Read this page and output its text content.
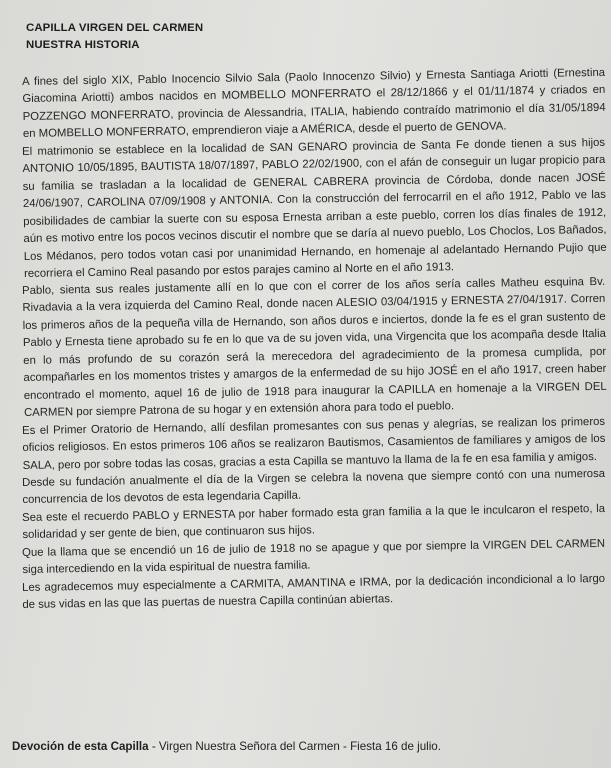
CAPILLA VIRGEN DEL CARMEN
NUESTRA HISTORIA

A fines del siglo XIX, Pablo Inocencio Silvio Sala (Paolo Innocenzo Silvio) y Ernesta Santiaga Ariotti (Ernestina Giacomina Ariotti) ambos nacidos en MOMBELLO MONFERRATO el 28/12/1866 y el 01/11/1874 y criados en POZZENGO MONFERRATO, provincia de Alessandria, ITALIA, habiendo contraído matrimonio el día 31/05/1894 en MOMBELLO MONFERRATO, emprendieron viaje a AMÉRICA, desde el puerto de GENOVA.

El matrimonio se establece en la localidad de SAN GENARO provincia de Santa Fe donde tienen a sus hijos ANTONIO 10/05/1895, BAUTISTA 18/07/1897, PABLO 22/02/1900, con el afán de conseguir un lugar propicio para su familia se trasladan a la localidad de GENERAL CABRERA provincia de Córdoba, donde nacen JOSÉ 24/06/1907, CAROLINA 07/09/1908 y ANTONIA. Con la construcción del ferrocarril en el año 1912, Pablo ve las posibilidades de cambiar la suerte con su esposa Ernesta arriban a este pueblo, corren los días finales de 1912, aún es motivo entre los pocos vecinos discutir el nombre que se daría al nuevo pueblo, Los Choclos, Los Bañados, Los Médanos, pero todos votan casi por unanimidad Hernando, en homenaje al adelantado Hernando Pujio que recorriera el Camino Real pasando por estos parajes camino al Norte en el año 1913.

Pablo, sienta sus reales justamente allí en lo que con el correr de los años sería calles Matheu esquina Bv. Rivadavia a la vera izquierda del Camino Real, donde nacen ALESIO 03/04/1915 y ERNESTA 27/04/1917. Corren los primeros años de la pequeña villa de Hernando, son años duros e inciertos, donde la fe es el gran sustento de Pablo y Ernesta tiene aprobado su fe en lo que va de su joven vida, una Virgencita que los acompaña desde Italia en lo más profundo de su corazón será la merecedora del agradecimiento de la promesa cumplida, por acompañarles en los momentos tristes y amargos de la enfermedad de su hijo JOSÉ en el año 1917, creen haber encontrado el momento, aquel 16 de julio de 1918 para inaugurar la CAPILLA en homenaje a la VIRGEN DEL CARMEN por siempre Patrona de su hogar y en extensión ahora para todo el pueblo.

Es el Primer Oratorio de Hernando, allí desfilan promesantes con sus penas y alegrías, se realizan los primeros oficios religiosos. En estos primeros 106 años se realizaron Bautismos, Casamientos de familiares y amigos de los SALA, pero por sobre todas las cosas, gracias a esta Capilla se mantuvo la llama de la fe en esa familia y amigos.

Desde su fundación anualmente el día de la Virgen se celebra la novena que siempre contó con una numerosa concurrencia de los devotos de esta legendaria Capilla.

Sea este el recuerdo PABLO y ERNESTA por haber formado esta gran familia a la que le inculcaron el respeto, la solidaridad y ser gente de bien, que continuaron sus hijos.

Que la llama que se encendió un 16 de julio de 1918 no se apague y que por siempre la VIRGEN DEL CARMEN siga intercediendo en la vida espiritual de nuestra familia.

Les agradecemos muy especialmente a CARMITA, AMANTINA e IRMA, por la dedicación incondicional a lo largo de sus vidas en las que las puertas de nuestra Capilla continúan abiertas.

Devoción de esta Capilla - Virgen Nuestra Señora del Carmen - Fiesta 16 de julio.
